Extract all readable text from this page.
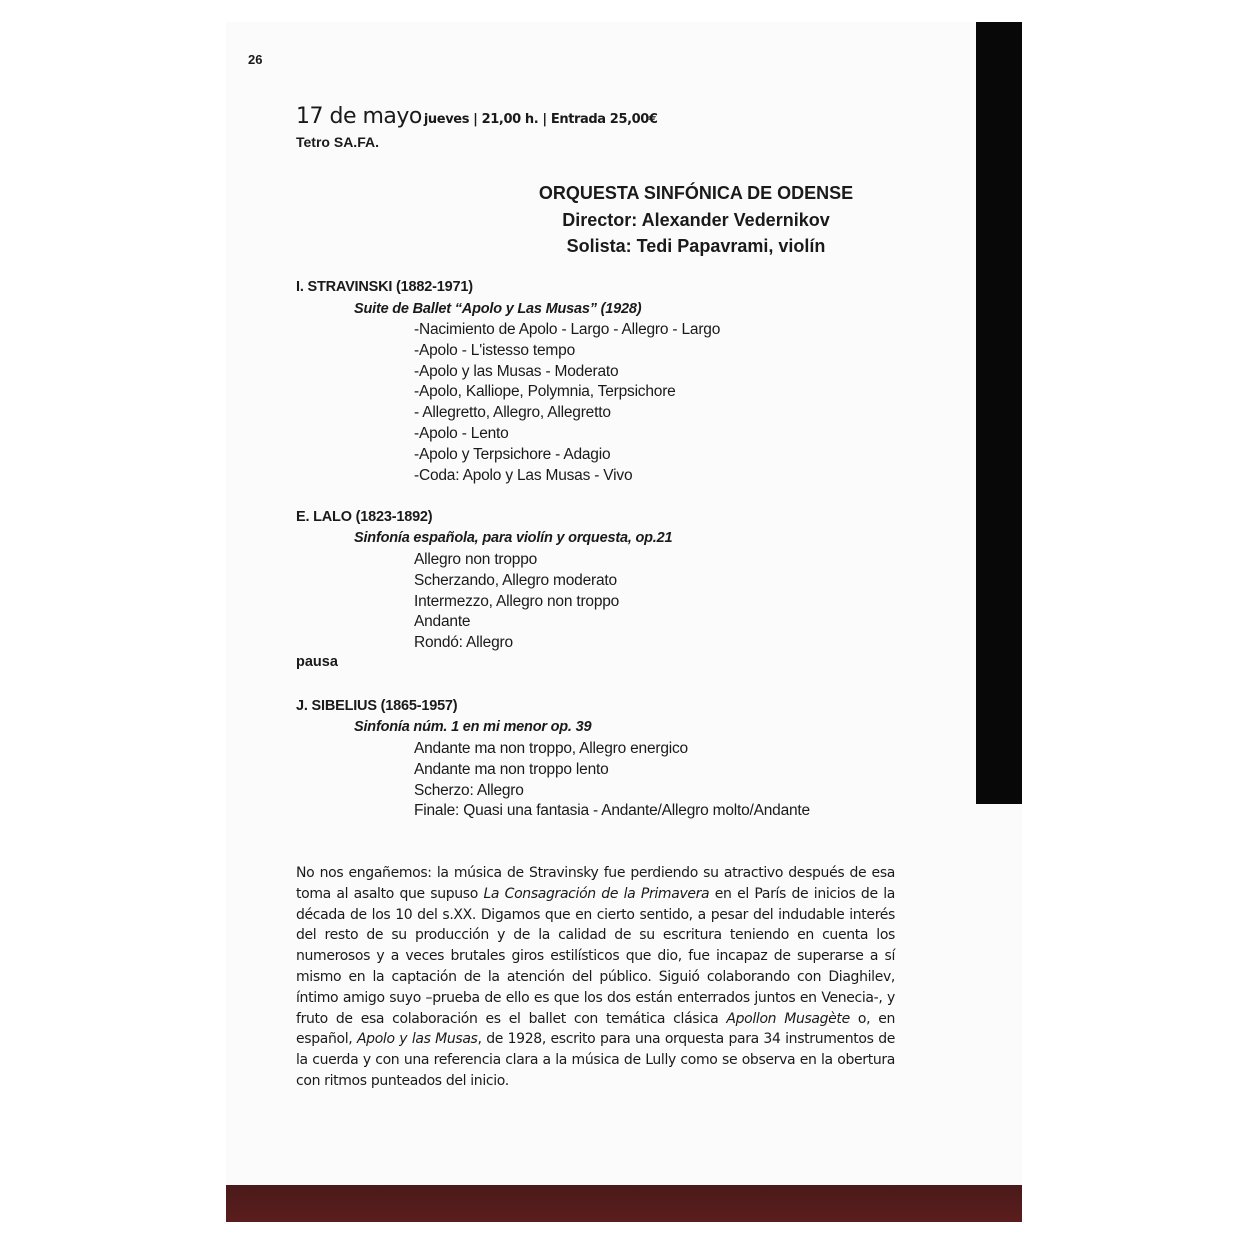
26
17 de mayo jueves | 21,00 h. | Entrada 25,00€
Tetro SA.FA.
ORQUESTA SINFÓNICA DE ODENSE
Director: Alexander Vedernikov
Solista: Tedi Papavrami, violín
I. STRAVINSKI (1882-1971)
Suite de Ballet “Apolo y Las Musas” (1928)
-Nacimiento de Apolo - Largo - Allegro - Largo
-Apolo - L'istesso tempo
-Apolo y las Musas - Moderato
-Apolo, Kalliope, Polymnia, Terpsichore
- Allegretto, Allegro, Allegretto
-Apolo - Lento
-Apolo y Terpsichore - Adagio
-Coda: Apolo y Las Musas - Vivo
E. LALO (1823-1892)
Sinfonía española, para violín y orquesta, op.21
Allegro non troppo
Scherzando, Allegro moderato
Intermezzo, Allegro non troppo
Andante
Rondó: Allegro
pausa
J. SIBELIUS (1865-1957)
Sinfonía núm. 1 en mi menor op. 39
Andante ma non troppo, Allegro energico
Andante ma non troppo lento
Scherzo: Allegro
Finale: Quasi una fantasia - Andante/Allegro molto/Andante

No nos engañemos: la música de Stravinsky fue perdiendo su atractivo después de esa toma al asalto que supuso La Consagración de la Primavera en el París de inicios de la década de los 10 del s.XX. Digamos que en cierto sentido, a pesar del indudable interés del resto de su producción y de la calidad de su escritura teniendo en cuenta los numerosos y a veces brutales giros estilísticos que dio, fue incapaz de superarse a sí mismo en la captación de la atención del público. Siguió colaborando con Diaghilev, íntimo amigo suyo –prueba de ello es que los dos están enterrados juntos en Venecia-, y fruto de esa colaboración es el ballet con temática clásica Apollon Musagète o, en español, Apolo y las Musas, de 1928, escrito para una orquesta para 34 instrumentos de la cuerda y con una referencia clara a la música de Lully como se observa en la obertura con ritmos punteados del inicio.
